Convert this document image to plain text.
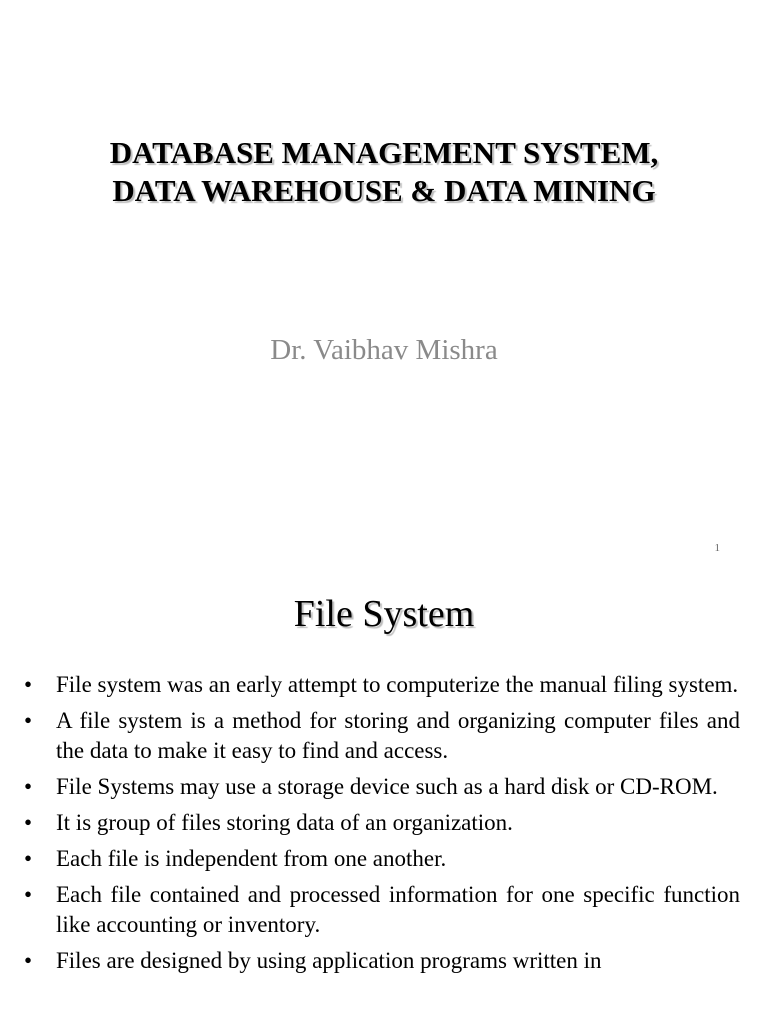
DATABASE MANAGEMENT SYSTEM,
DATA WAREHOUSE & DATA MINING
Dr. Vaibhav Mishra
1
File System
• File system was an early attempt to computerize the manual filing system.
• A file system is a method for storing and organizing computer files and the data to make it easy to find and access.
• File Systems may use a storage device such as a hard disk or CD-ROM.
• It is group of files storing data of an organization.
• Each file is independent from one another.
• Each file contained and processed information for one specific function like accounting or inventory.
• Files are designed by using application programs written in
